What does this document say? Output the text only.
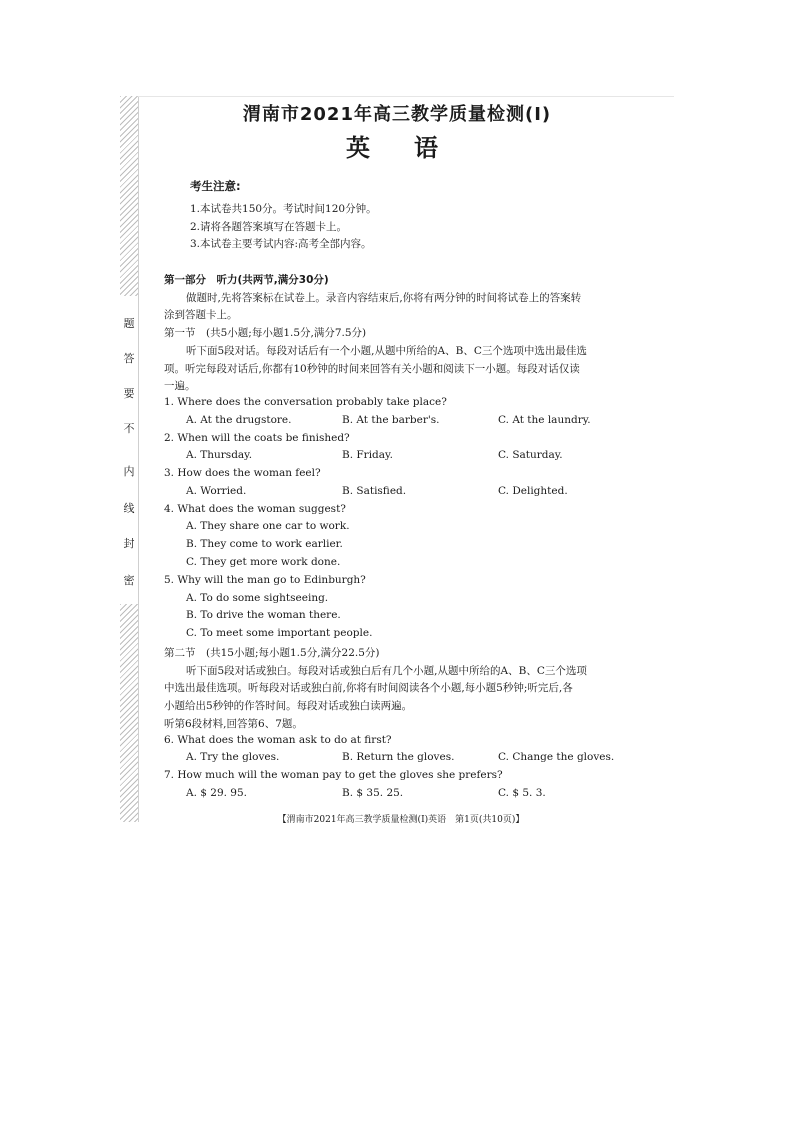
题
答
要
不
内
线
封
密
渭南市2021年高三教学质量检测(Ⅰ)
英语
考生注意:
1.本试卷共150分。考试时间120分钟。
2.请将各题答案填写在答题卡上。
3.本试卷主要考试内容:高考全部内容。
第一部分　听力(共两节,满分30分)
做题时,先将答案标在试卷上。录音内容结束后,你将有两分钟的时间将试卷上的答案转
涂到答题卡上。
第一节　(共5小题;每小题1.5分,满分7.5分)
听下面5段对话。每段对话后有一个小题,从题中所给的A、B、C三个选项中选出最佳选
项。听完每段对话后,你都有10秒钟的时间来回答有关小题和阅读下一小题。每段对话仅读
一遍。
1. Where does the conversation probably take place?
A. At the drugstore.	B. At the barber's.	C. At the laundry.
2. When will the coats be finished?
A. Thursday.	B. Friday.	C. Saturday.
3. How does the woman feel?
A. Worried.	B. Satisfied.	C. Delighted.
4. What does the woman suggest?
A. They share one car to work.
B. They come to work earlier.
C. They get more work done.
5. Why will the man go to Edinburgh?
A. To do some sightseeing.
B. To drive the woman there.
C. To meet some important people.
第二节　(共15小题;每小题1.5分,满分22.5分)
听下面5段对话或独白。每段对话或独白后有几个小题,从题中所给的A、B、C三个选项
中选出最佳选项。听每段对话或独白前,你将有时间阅读各个小题,每小题5秒钟;听完后,各
小题给出5秒钟的作答时间。每段对话或独白读两遍。
听第6段材料,回答第6、7题。
6. What does the woman ask to do at first?
A. Try the gloves.	B. Return the gloves.	C. Change the gloves.
7. How much will the woman pay to get the gloves she prefers?
A. $ 29. 95.	B. $ 35. 25.	C. $ 5. 3.
【渭南市2021年高三教学质量检测(Ⅰ)英语　第1页(共10页)】
